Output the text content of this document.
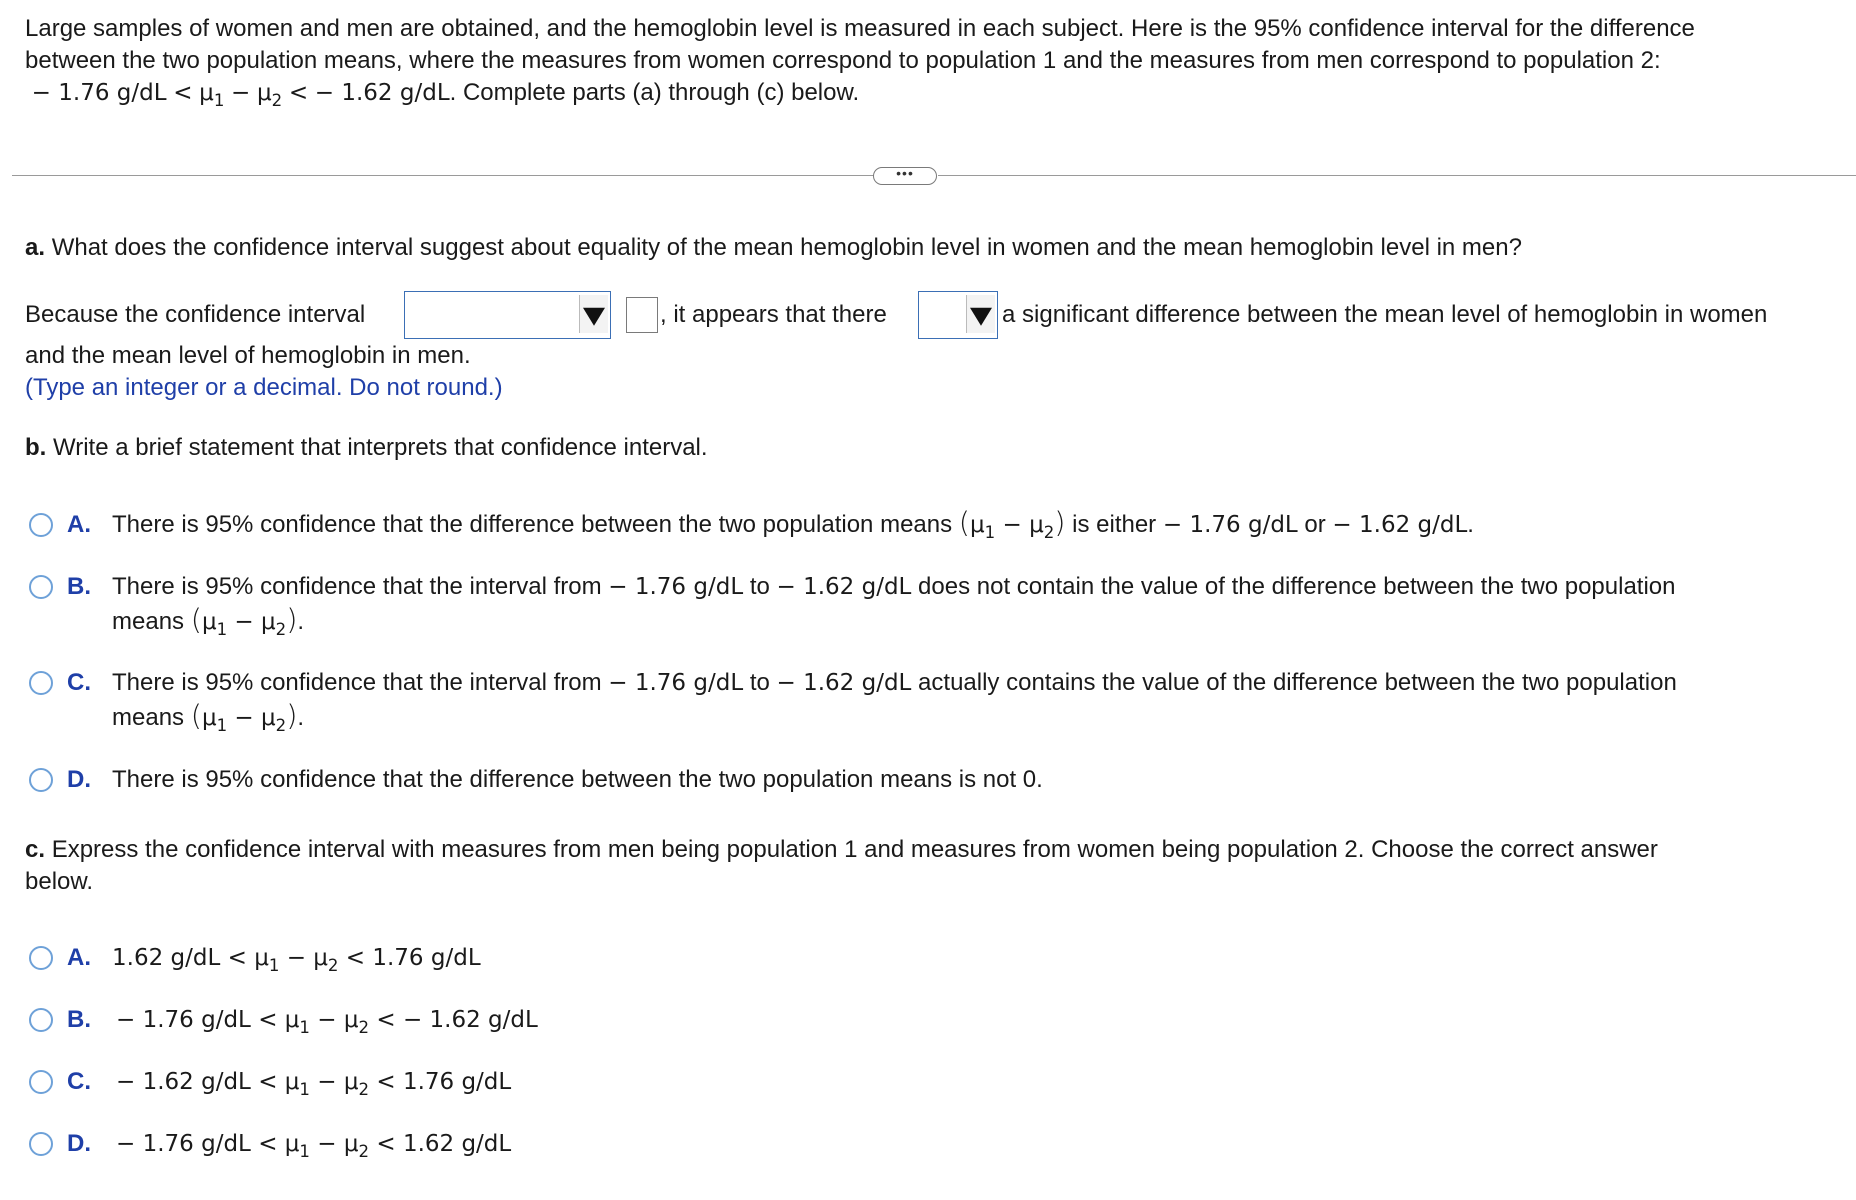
Large samples of women and men are obtained, and the hemoglobin level is measured in each subject. Here is the 95% confidence interval for the difference
between the two population means, where the measures from women correspond to population 1 and the measures from men correspond to population 2:
− 1.76 $g/dL < \mu_1 - \mu_2$ < − 1.62 g/dL. Complete parts (a) through (c) below.
•••
a. What does the confidence interval suggest about equality of the mean hemoglobin level in women and the mean hemoglobin level in men?
Because the confidence interval	, it appears that there	a significant difference between the mean level of hemoglobin in women
and the mean level of hemoglobin in men.
(Type an integer or a decimal. Do not round.)
b. Write a brief statement that interprets that confidence interval.
A. There is 95% confidence that the difference between the two population means $(\mu_1 - \mu_2)$ is either − 1.76 g/dL or − 1.62 g/dL.
B. There is 95% confidence that the interval from − 1.76 g/dL to − 1.62 g/dL does not contain the value of the difference between the two population
means $(\mu_1 - \mu_2)$.
C. There is 95% confidence that the interval from − 1.76 g/dL to − 1.62 g/dL actually contains the value of the difference between the two population
means $(\mu_1 - \mu_2)$.
D. There is 95% confidence that the difference between the two population means is not 0.
c. Express the confidence interval with measures from men being population 1 and measures from women being population 2. Choose the correct answer
below.
A. 1.62 $g/dL < \mu_1 - \mu_2 < 1.76$ g/dL
B. − 1.76 $g/dL < \mu_1 - \mu_2$ < − 1.62 g/dL
C. − 1.62 $g/dL < \mu_1 - \mu_2 < 1.76$ g/dL
D. − 1.76 $g/dL < \mu_1 - \mu_2 < 1.62$ g/dL
